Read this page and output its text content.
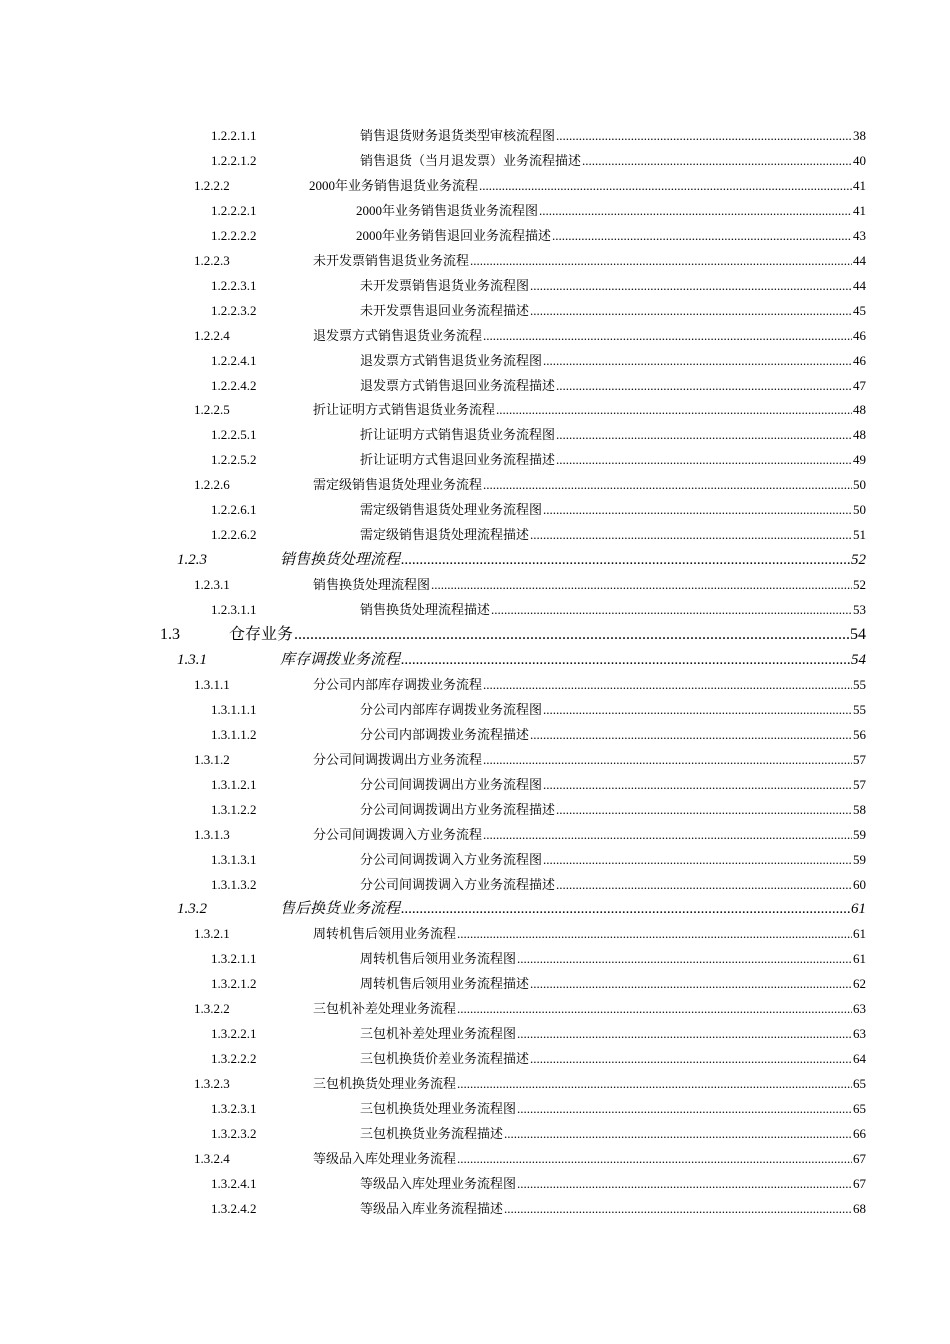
1.2.2.1.1	销售退货财务退货类型审核流程图 .....	38
1.2.2.1.2	销售退货（当月退发票）业务流程描述 .....	40
1.2.2.2	2000年业务销售退货业务流程 .....	41
1.2.2.2.1	2000年业务销售退货业务流程图 .....	41
1.2.2.2.2	2000年业务销售退回业务流程描述 .....	43
1.2.2.3	未开发票销售退货业务流程 .....	44
1.2.2.3.1	未开发票销售退货业务流程图 .....	44
1.2.2.3.2	未开发票售退回业务流程描述 .....	45
1.2.2.4	退发票方式销售退货业务流程 .....	46
1.2.2.4.1	退发票方式销售退货业务流程图 .....	46
1.2.2.4.2	退发票方式销售退回业务流程描述 .....	47
1.2.2.5	折让证明方式销售退货业务流程 .....	48
1.2.2.5.1	折让证明方式销售退货业务流程图 .....	48
1.2.2.5.2	折让证明方式售退回业务流程描述 .....	49
1.2.2.6	需定级销售退货处理业务流程 .....	50
1.2.2.6.1	需定级销售退货处理业务流程图 .....	50
1.2.2.6.2	需定级销售退货处理流程描述 .....	51
1.2.3	销售换货处理流程 .....	52
1.2.3.1	销售换货处理流程图 .....	52
1.2.3.1.1	销售换货处理流程描述 .....	53
1.3	仓存业务 .....	54
1.3.1	库存调拨业务流程 .....	54
1.3.1.1	分公司内部库存调拨业务流程 .....	55
1.3.1.1.1	分公司内部库存调拨业务流程图 .....	55
1.3.1.1.2	分公司内部调拨业务流程描述 .....	56
1.3.1.2	分公司间调拨调出方业务流程 .....	57
1.3.1.2.1	分公司间调拨调出方业务流程图 .....	57
1.3.1.2.2	分公司间调拨调出方业务流程描述 .....	58
1.3.1.3	分公司间调拨调入方业务流程 .....	59
1.3.1.3.1	分公司间调拨调入方业务流程图 .....	59
1.3.1.3.2	分公司间调拨调入方业务流程描述 .....	60
1.3.2	售后换货业务流程 .....	61
1.3.2.1	周转机售后领用业务流程 .....	61
1.3.2.1.1	周转机售后领用业务流程图 .....	61
1.3.2.1.2	周转机售后领用业务流程描述 .....	62
1.3.2.2	三包机补差处理业务流程 .....	63
1.3.2.2.1	三包机补差处理业务流程图 .....	63
1.3.2.2.2	三包机换货价差业务流程描述 .....	64
1.3.2.3	三包机换货处理业务流程 .....	65
1.3.2.3.1	三包机换货处理业务流程图 .....	65
1.3.2.3.2	三包机换货业务流程描述 .....	66
1.3.2.4	等级品入库处理业务流程 .....	67
1.3.2.4.1	等级品入库处理业务流程图 .....	67
1.3.2.4.2	等级品入库业务流程描述 .....	68
